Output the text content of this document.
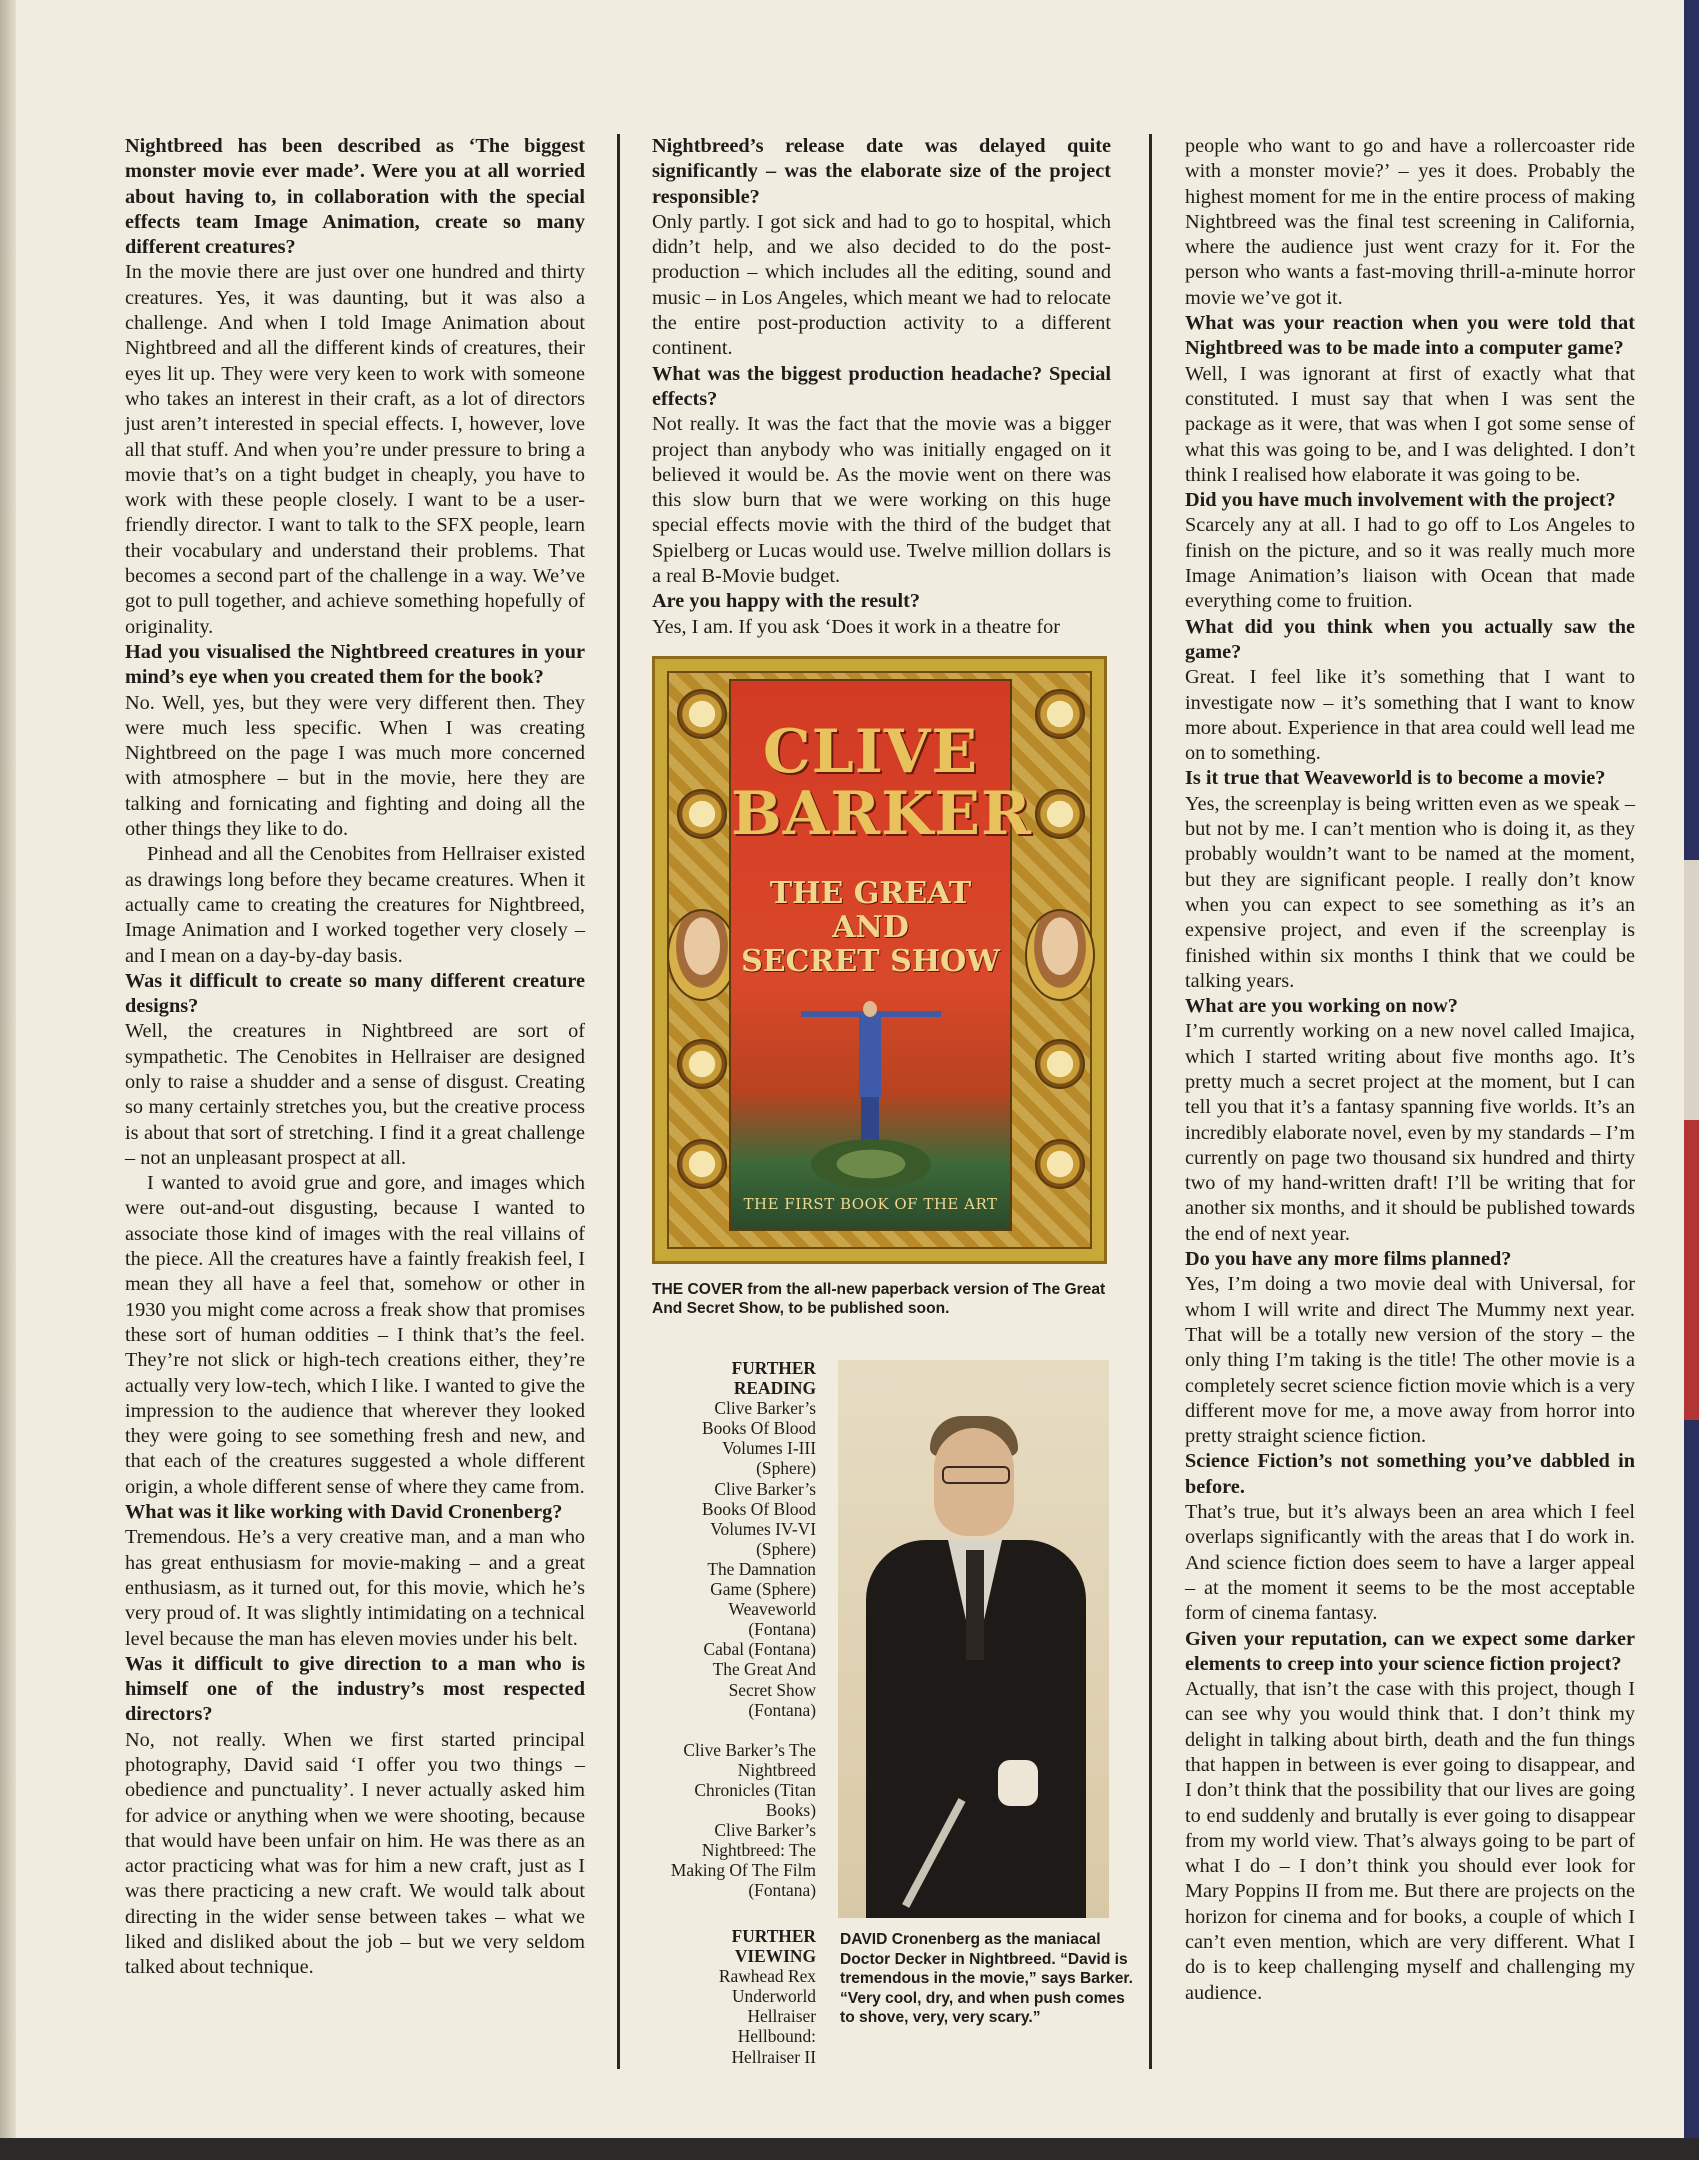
Nightbreed has been described as ‘The biggest monster movie ever made’. Were you at all worried about having to, in collaboration with the special effects team Image Animation, create so many different creatures?

In the movie there are just over one hundred and thirty creatures. Yes, it was daunting, but it was also a challenge. And when I told Image Animation about Nightbreed and all the different kinds of creatures, their eyes lit up. They were very keen to work with someone who takes an interest in their craft, as a lot of directors just aren’t interested in special effects. I, however, love all that stuff. And when you’re under pressure to bring a movie that’s on a tight budget in cheaply, you have to work with these people closely. I want to be a user-friendly director. I want to talk to the SFX people, learn their vocabulary and understand their problems. That becomes a second part of the challenge in a way. We’ve got to pull together, and achieve something hopefully of originality.

Had you visualised the Nightbreed creatures in your mind’s eye when you created them for the book?

No. Well, yes, but they were very different then. They were much less specific. When I was creating Nightbreed on the page I was much more concerned with atmosphere – but in the movie, here they are talking and fornicating and fighting and doing all the other things they like to do.

Pinhead and all the Cenobites from Hellraiser existed as drawings long before they became creatures. When it actually came to creating the creatures for Nightbreed, Image Animation and I worked together very closely – and I mean on a day-by-day basis.

Was it difficult to create so many different creature designs?

Well, the creatures in Nightbreed are sort of sympathetic. The Cenobites in Hellraiser are designed only to raise a shudder and a sense of disgust. Creating so many certainly stretches you, but the creative process is about that sort of stretching. I find it a great challenge – not an unpleasant prospect at all.

I wanted to avoid grue and gore, and images which were out-and-out disgusting, because I wanted to associate those kind of images with the real villains of the piece. All the creatures have a faintly freakish feel, I mean they all have a feel that, somehow or other in 1930 you might come across a freak show that promises these sort of human oddities – I think that’s the feel. They’re not slick or high-tech creations either, they’re actually very low-tech, which I like. I wanted to give the impression to the audience that wherever they looked they were going to see something fresh and new, and that each of the creatures suggested a whole different origin, a whole different sense of where they came from.

What was it like working with David Cronenberg?

Tremendous. He’s a very creative man, and a man who has great enthusiasm for movie-making – and a great enthusiasm, as it turned out, for this movie, which he’s very proud of. It was slightly intimidating on a technical level because the man has eleven movies under his belt.

Was it difficult to give direction to a man who is himself one of the industry’s most respected directors?

No, not really. When we first started principal photography, David said ‘I offer you two things – obedience and punctuality’. I never actually asked him for advice or anything when we were shooting, because that would have been unfair on him. He was there as an actor practicing what was for him a new craft, just as I was there practicing a new craft. We would talk about directing in the wider sense between takes – what we liked and disliked about the job – but we very seldom talked about technique.

Nightbreed’s release date was delayed quite significantly – was the elaborate size of the project responsible?

Only partly. I got sick and had to go to hospital, which didn’t help, and we also decided to do the post-production – which includes all the editing, sound and music – in Los Angeles, which meant we had to relocate the entire post-production activity to a different continent.

What was the biggest production headache? Special effects?

Not really. It was the fact that the movie was a bigger project than anybody who was initially engaged on it believed it would be. As the movie went on there was this slow burn that we were working on this huge special effects movie with the third of the budget that Spielberg or Lucas would use. Twelve million dollars is a real B-Movie budget.

Are you happy with the result?

Yes, I am. If you ask ‘Does it work in a theatre for

people who want to go and have a rollercoaster ride with a monster movie?’ – yes it does. Probably the highest moment for me in the entire process of making Nightbreed was the final test screening in California, where the audience just went crazy for it. For the person who wants a fast-moving thrill-a-minute horror movie we’ve got it.

What was your reaction when you were told that Nightbreed was to be made into a computer game?

Well, I was ignorant at first of exactly what that constituted. I must say that when I was sent the package as it were, that was when I got some sense of what this was going to be, and I was delighted. I don’t think I realised how elaborate it was going to be.

Did you have much involvement with the project?

Scarcely any at all. I had to go off to Los Angeles to finish on the picture, and so it was really much more Image Animation’s liaison with Ocean that made everything come to fruition.

What did you think when you actually saw the game?

Great. I feel like it’s something that I want to investigate now – it’s something that I want to know more about. Experience in that area could well lead me on to something.

Is it true that Weaveworld is to become a movie?

Yes, the screenplay is being written even as we speak – but not by me. I can’t mention who is doing it, as they probably wouldn’t want to be named at the moment, but they are significant people. I really don’t know when you can expect to see something as it’s an expensive project, and even if the screenplay is finished within six months I think that we could be talking years.

What are you working on now?

I’m currently working on a new novel called Imajica, which I started writing about five months ago. It’s pretty much a secret project at the moment, but I can tell you that it’s a fantasy spanning five worlds. It’s an incredibly elaborate novel, even by my standards – I’m currently on page two thousand six hundred and thirty two of my hand-written draft! I’ll be writing that for another six months, and it should be published towards the end of next year.

Do you have any more films planned?

Yes, I’m doing a two movie deal with Universal, for whom I will write and direct The Mummy next year. That will be a totally new version of the story – the only thing I’m taking is the title! The other movie is a completely secret science fiction movie which is a very different move for me, a move away from horror into pretty straight science fiction.

Science Fiction’s not something you’ve dabbled in before.

That’s true, but it’s always been an area which I feel overlaps significantly with the areas that I do work in. And science fiction does seem to have a larger appeal – at the moment it seems to be the most acceptable form of cinema fantasy.

Given your reputation, can we expect some darker elements to creep into your science fiction project?

Actually, that isn’t the case with this project, though I can see why you would think that. I don’t think my delight in talking about birth, death and the fun things that happen in between is ever going to disappear, and I don’t think that the possibility that our lives are going to end suddenly and brutally is ever going to disappear from my world view. That’s always going to be part of what I do – I don’t think you should ever look for Mary Poppins II from me. But there are projects on the horizon for cinema and for books, a couple of which I can’t even mention, which are very different. What I do is to keep challenging myself and challenging my audience.

CLIVE
BARKER
THE GREAT AND
SECRET SHOW
THE FIRST BOOK OF THE ART
THE COVER from the all-new paperback version of The Great And Secret Show, to be published soon.
FURTHER
READING
Clive Barker’s
Books Of Blood
Volumes I-III
(Sphere)
Clive Barker’s
Books Of Blood
Volumes IV-VI
(Sphere)
The Damnation
Game (Sphere)
Weaveworld
(Fontana)
Cabal (Fontana)
The Great And
Secret Show
(Fontana)
Clive Barker’s The
Nightbreed
Chronicles (Titan
Books)
Clive Barker’s
Nightbreed: The
Making Of The Film
(Fontana)
FURTHER
VIEWING
Rawhead Rex
Underworld
Hellraiser
Hellbound:
Hellraiser II
DAVID Cronenberg as the maniacal Doctor Decker in Nightbreed. “David is tremendous in the movie,” says Barker. “Very cool, dry, and when push comes to shove, very, very scary.”
